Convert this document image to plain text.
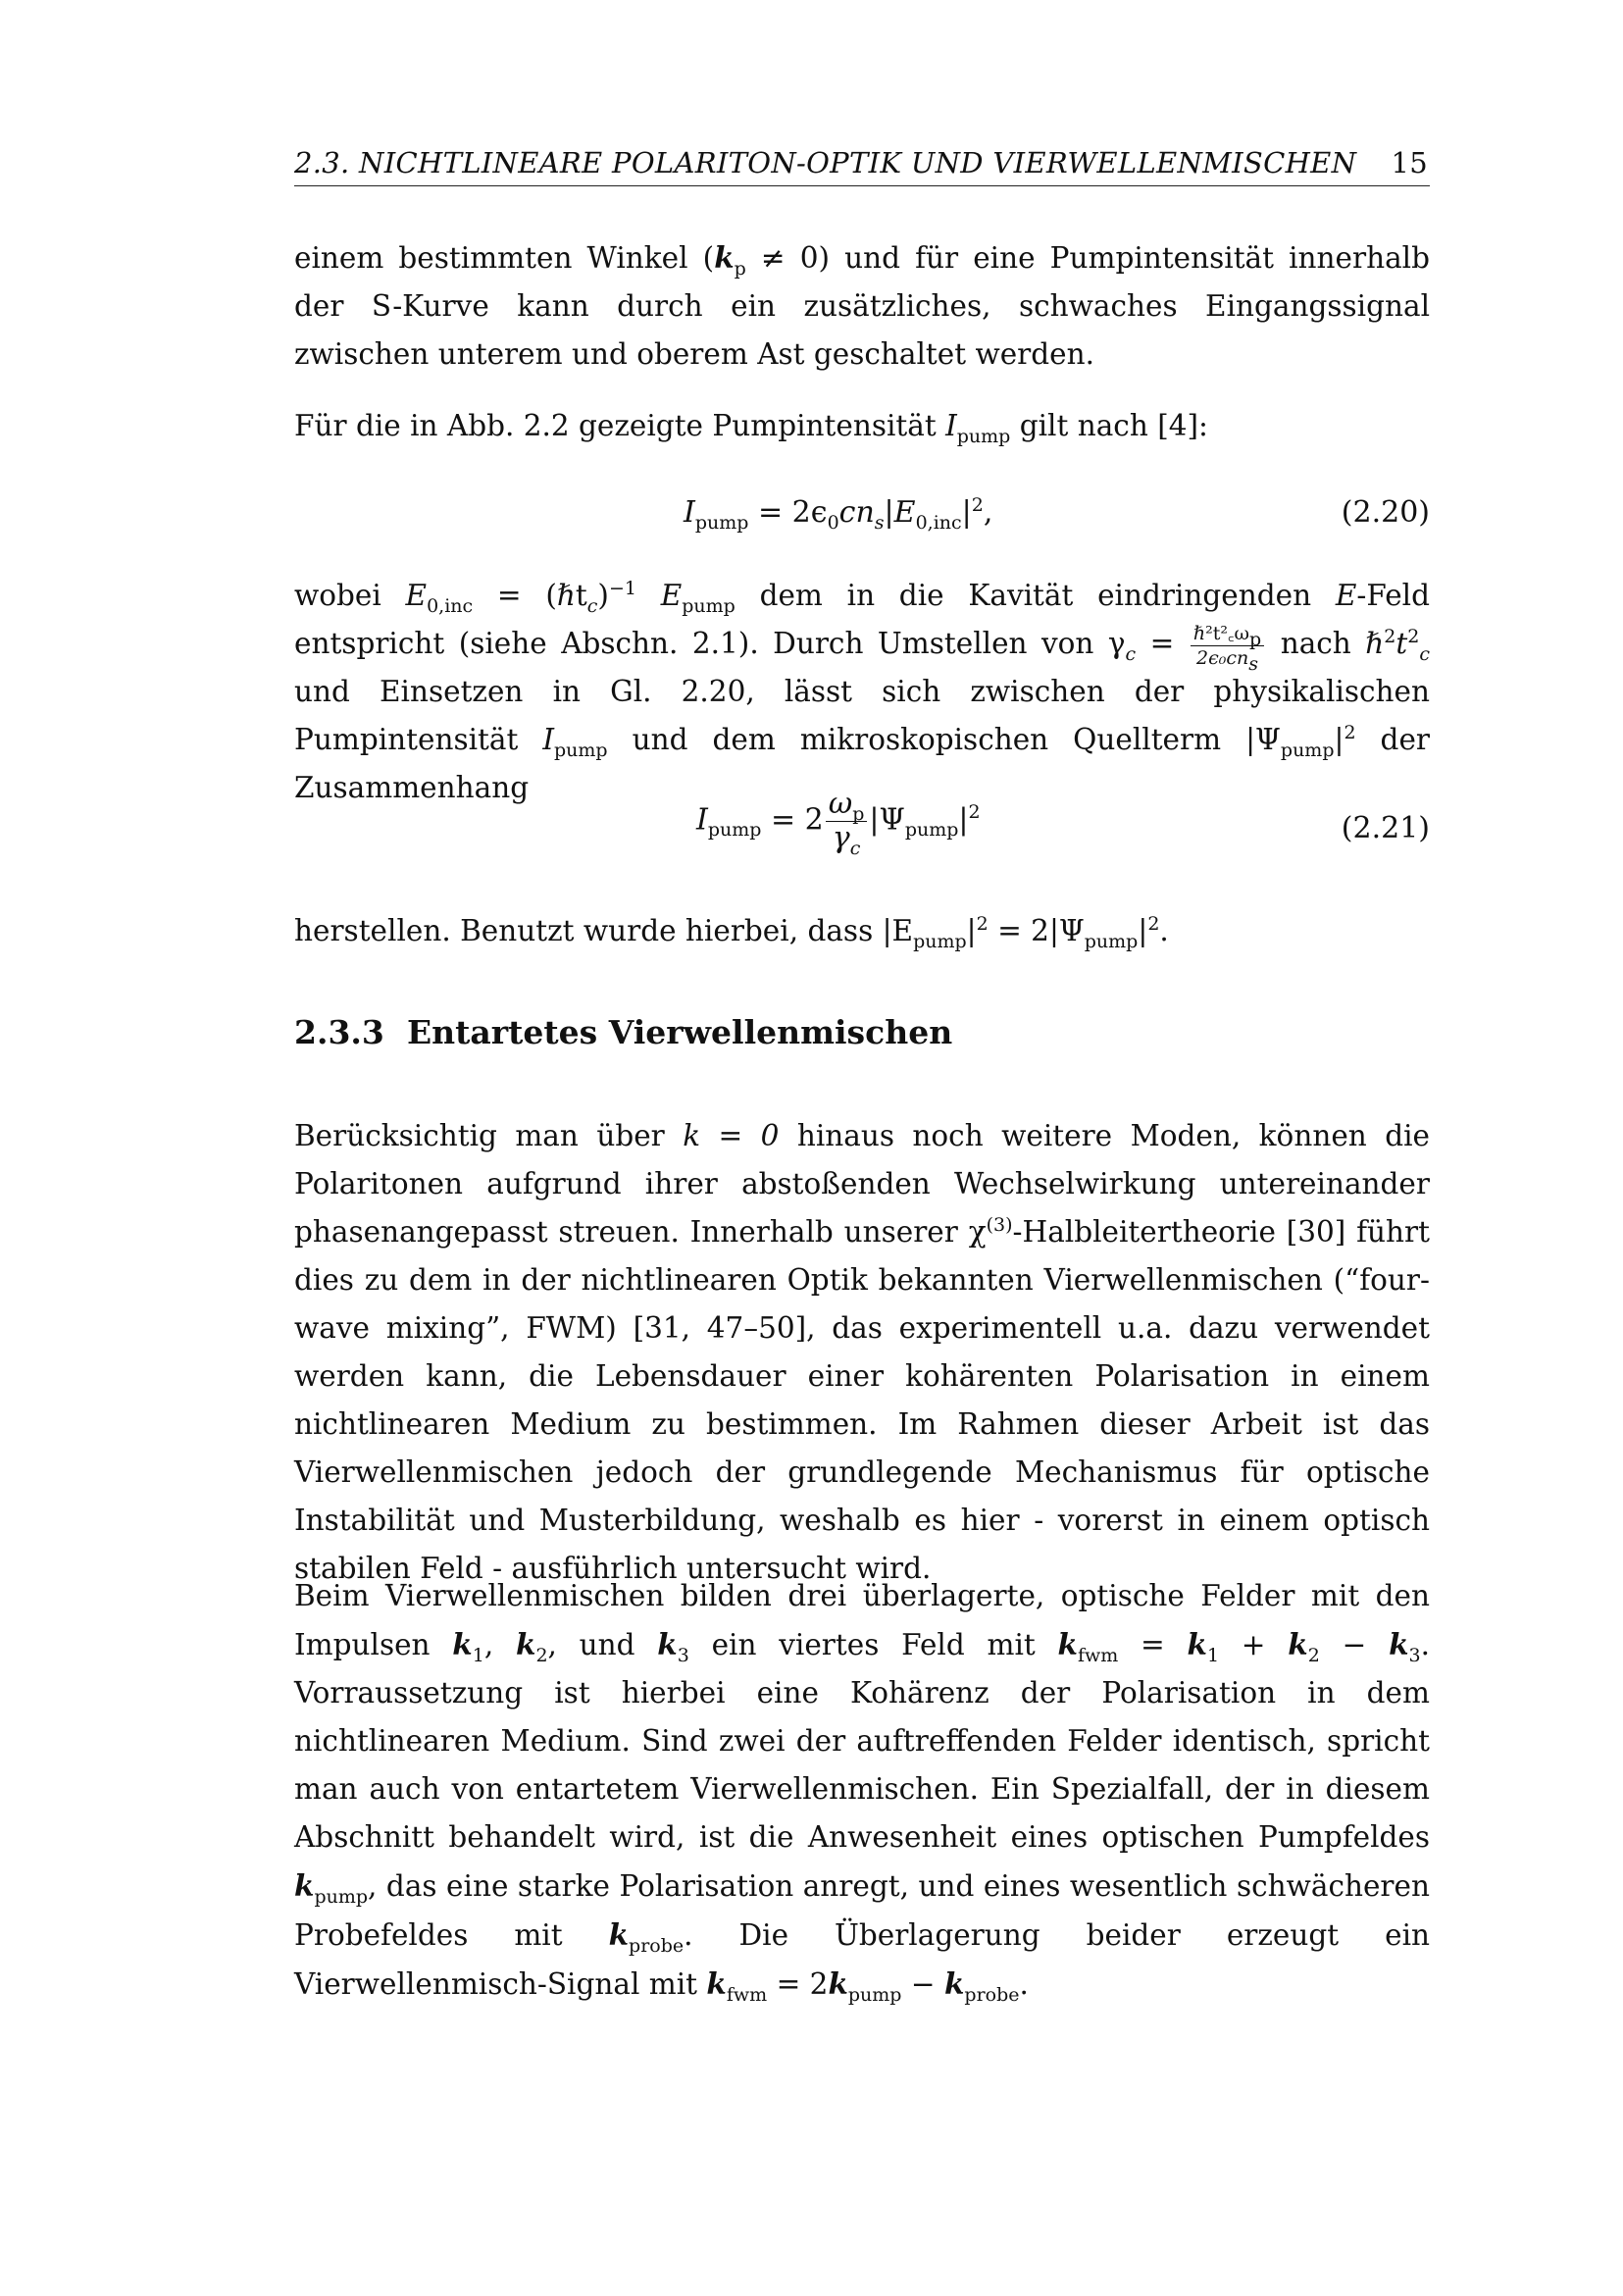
2.3. NICHTLINEARE POLARITON-OPTIK UND VIERWELLENMISCHEN 15

einem bestimmten Winkel $(k_p \ne 0)$ und für eine Pumpintensität innerhalb der S-Kurve kann durch ein zusätzliches, schwaches Eingangssignal zwischen unterem und oberem Ast geschaltet werden.

Für die in Abb. 2.2 gezeigte Pumpintensität $I_{pump}$ gilt nach [4]:

$I_{pump} = 2\epsilon_0cn_s|E_{0,inc}|^2$,	(2.20)

wobei $E_{0,inc}$ = (ℏt$_c$)$^{-1}$ $E_{pump}$ dem in die Kavität eindringenden E-Feld entspricht (siehe Abschn. 2.1). Durch Umstellen von $\gamma_c = \frac{\hbar^2t^2꜀\omega_p}{2\epsilon_0cn_s}$ nach $\hbar^2t^2_c$ und Einsetzen in Gl. 2.20, lässt sich zwischen der physikalischen Pumpintensität $I_{pump}$ und dem mikroskopischen Quellterm $|\Psi_{pump}|^2$ der Zusammenhang

$I_{pump} = 2 \frac{\omega_p}{\gamma_c} |\Psi_{pump}|^2$	(2.21)

herstellen. Benutzt wurde hierbei, dass $|E_{pump}|^2 = 2|\Psi_{pump}|^2$.

2.3.3 Entartetes Vierwellenmischen

Berücksichtig man über k = 0 hinaus noch weitere Moden, können die Polaritonen aufgrund ihrer abstoßenden Wechselwirkung untereinander phasenangepasst streuen. Innerhalb unserer $\chi^{(3)}$-Halbleitertheorie [30] führt dies zu dem in der nichtlinearen Optik bekannten Vierwellenmischen (“four-wave mixing”, FWM) [31, 47–50], das experimentell u.a. dazu verwendet werden kann, die Lebensdauer einer kohärenten Polarisation in einem nichtlinearen Medium zu bestimmen. Im Rahmen dieser Arbeit ist das Vierwellenmischen jedoch der grundlegende Mechanismus für optische Instabilität und Musterbildung, weshalb es hier - vorerst in einem optisch stabilen Feld - ausführlich untersucht wird.

Beim Vierwellenmischen bilden drei überlagerte, optische Felder mit den Impulsen $k_1$, $k_2$, und $k_3$ ein viertes Feld mit $k_{fwm} = k_1 + k_2 - k_3$. Vorraussetzung ist hierbei eine Kohärenz der Polarisation in dem nichtlinearen Medium. Sind zwei der auftreffenden Felder identisch, spricht man auch von entartetem Vierwellenmischen. Ein Spezialfall, der in diesem Abschnitt behandelt wird, ist die Anwesenheit eines optischen Pumpfeldes $k_{pump}$, das eine starke Polarisation anregt, und eines wesentlich schwächeren Probefeldes mit $k_{probe}$. Die Überlagerung beider erzeugt ein Vierwellenmisch-Signal mit $k_{fwm} = 2k_{pump} - k_{probe}$.
